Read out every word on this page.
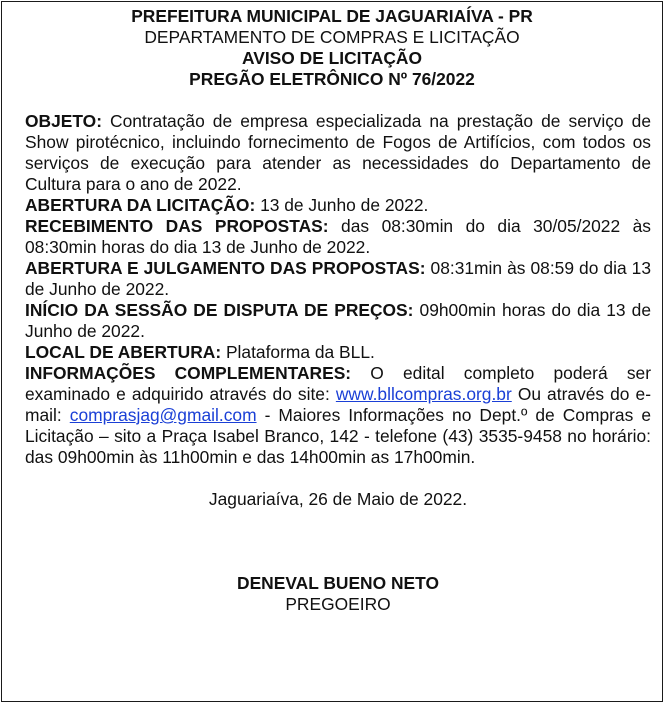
PREFEITURA MUNICIPAL DE JAGUARIAÍVA - PR
DEPARTAMENTO DE COMPRAS E LICITAÇÃO
AVISO DE LICITAÇÃO
PREGÃO ELETRÔNICO Nº 76/2022

OBJETO: Contratação de empresa especializada na prestação de serviço de Show pirotécnico, incluindo fornecimento de Fogos de Artifícios, com todos os serviços de execução para atender as necessidades do Departamento de Cultura para o ano de 2022.

ABERTURA DA LICITAÇÃO: 13 de Junho de 2022.

RECEBIMENTO DAS PROPOSTAS: das 08:30min do dia 30/05/2022 às 08:30min horas do dia 13 de Junho de 2022.

ABERTURA E JULGAMENTO DAS PROPOSTAS: 08:31min às 08:59 do dia 13 de Junho de 2022.

INÍCIO DA SESSÃO DE DISPUTA DE PREÇOS: 09h00min horas do dia 13 de Junho de 2022.

LOCAL DE ABERTURA: Plataforma da BLL.

INFORMAÇÕES COMPLEMENTARES: O edital completo poderá ser examinado e adquirido através do site: www.bllcompras.org.br Ou através do e-mail: comprasjag@gmail.com - Maiores Informações no Dept.º de Compras e Licitação – sito a Praça Isabel Branco, 142 - telefone (43) 3535-9458 no horário: das 09h00min às 11h00min e das 14h00min as 17h00min.

Jaguariaíva, 26 de Maio de 2022.
DENEVAL BUENO NETO
PREGOEIRO
